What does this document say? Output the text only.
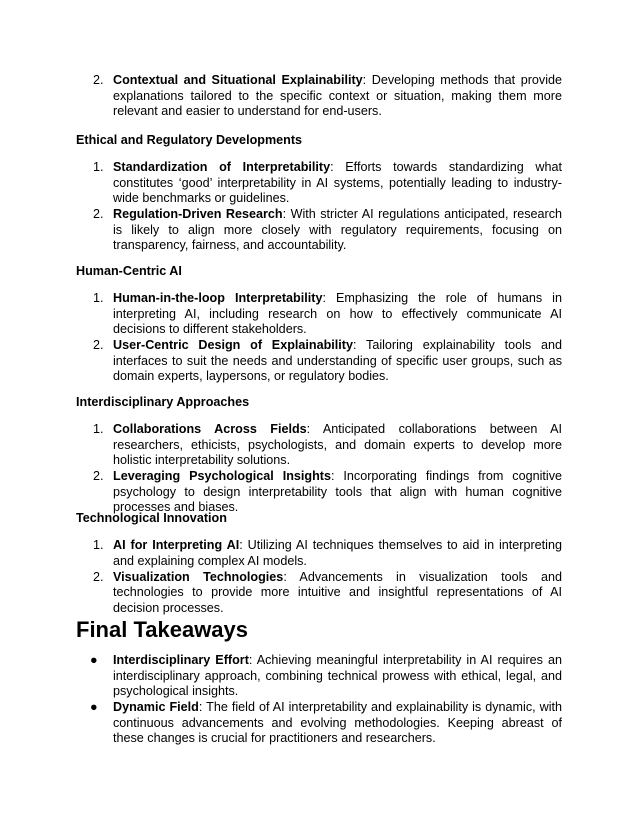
2. Contextual and Situational Explainability: Developing methods that provide explanations tailored to the specific context or situation, making them more relevant and easier to understand for end-users.
Ethical and Regulatory Developments
1. Standardization of Interpretability: Efforts towards standardizing what constitutes ‘good’ interpretability in AI systems, potentially leading to industry-wide benchmarks or guidelines.
2. Regulation-Driven Research: With stricter AI regulations anticipated, research is likely to align more closely with regulatory requirements, focusing on transparency, fairness, and accountability.
Human-Centric AI
1. Human-in-the-loop Interpretability: Emphasizing the role of humans in interpreting AI, including research on how to effectively communicate AI decisions to different stakeholders.
2. User-Centric Design of Explainability: Tailoring explainability tools and interfaces to suit the needs and understanding of specific user groups, such as domain experts, laypersons, or regulatory bodies.
Interdisciplinary Approaches
1. Collaborations Across Fields: Anticipated collaborations between AI researchers, ethicists, psychologists, and domain experts to develop more holistic interpretability solutions.
2. Leveraging Psychological Insights: Incorporating findings from cognitive psychology to design interpretability tools that align with human cognitive processes and biases.
Technological Innovation
1. AI for Interpreting AI: Utilizing AI techniques themselves to aid in interpreting and explaining complex AI models.
2. Visualization Technologies: Advancements in visualization tools and technologies to provide more intuitive and insightful representations of AI decision processes.
Final Takeaways
●	Interdisciplinary Effort: Achieving meaningful interpretability in AI requires an interdisciplinary approach, combining technical prowess with ethical, legal, and psychological insights.
●	Dynamic Field: The field of AI interpretability and explainability is dynamic, with continuous advancements and evolving methodologies. Keeping abreast of these changes is crucial for practitioners and researchers.
